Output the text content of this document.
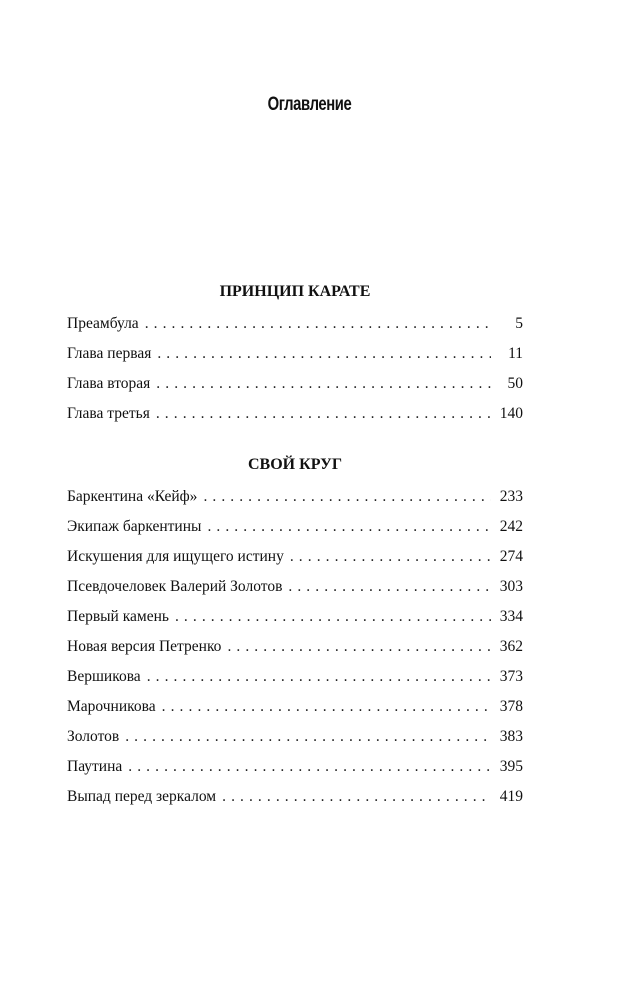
Оглавление
ПРИНЦИП КАРАТЕ
Преамбула . . .	5
Глава первая . . .	11
Глава вторая . . .	50
Глава третья . . .	140
СВОЙ КРУГ
Баркентина «Кейф» . . .	233
Экипаж баркентины . . .	242
Искушения для ищущего истину . . .	274
Псевдочеловек Валерий Золотов . . .	303
Первый камень . . .	334
Новая версия Петренко . . .	362
Вершикова . . .	373
Марочникова . . .	378
Золотов . . .	383
Паутина . . .	395
Выпад перед зеркалом . . .	419
